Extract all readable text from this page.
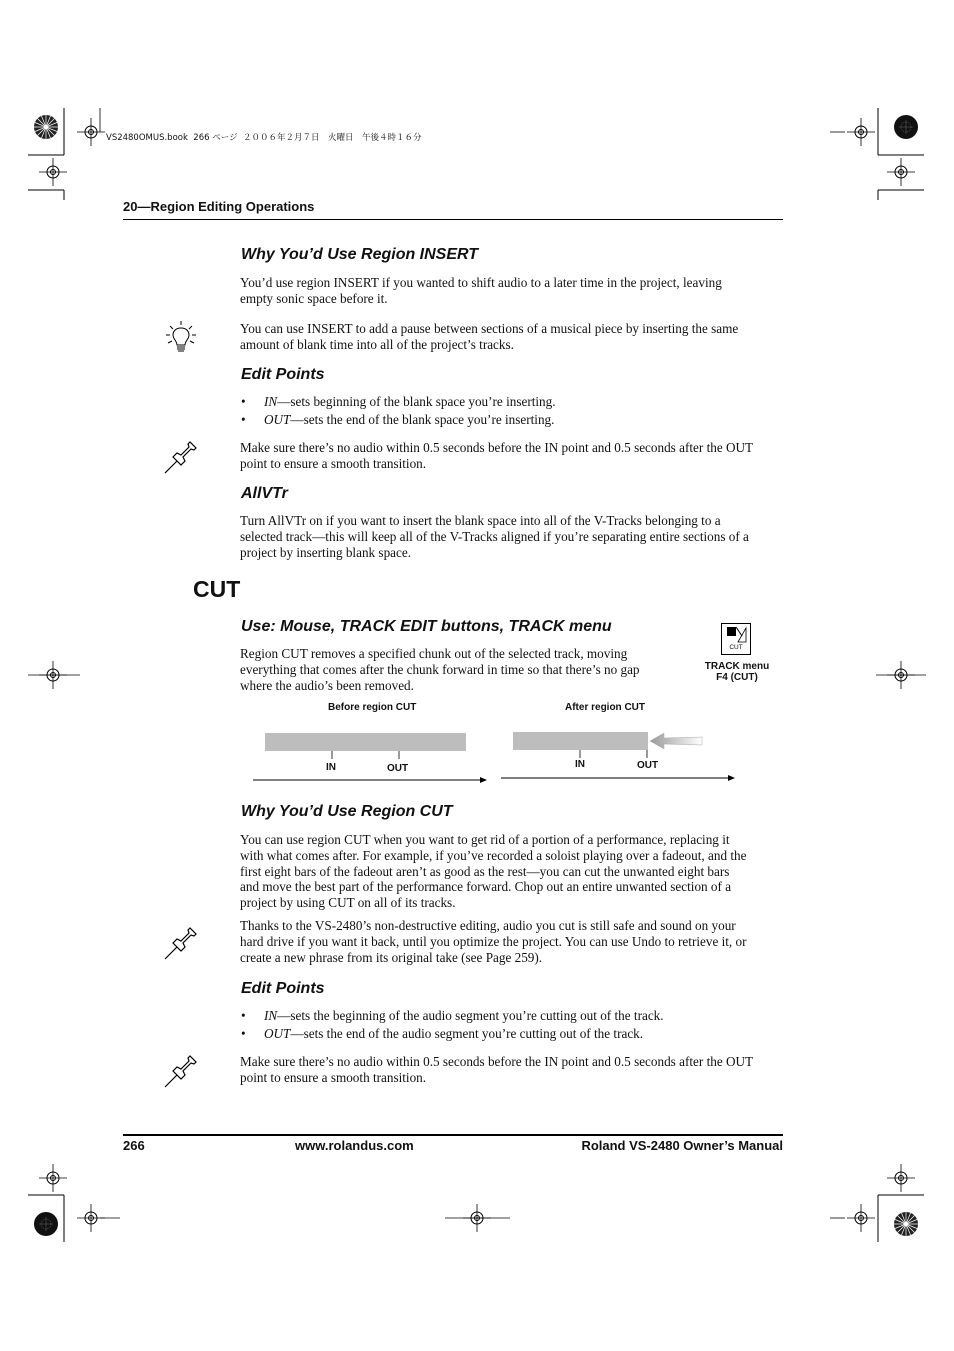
VS2480OMUS.book  266 ページ  ２００６年２月７日　火曜日　午後４時１６分
20—Region Editing Operations
Why You’d Use Region INSERT
You’d use region INSERT if you wanted to shift audio to a later time in the project, leaving empty sonic space before it.
You can use INSERT to add a pause between sections of a musical piece by inserting the same amount of blank time into all of the project’s tracks.
Edit Points
• IN—sets beginning of the blank space you’re inserting.
• OUT—sets the end of the blank space you’re inserting.
Make sure there’s no audio within 0.5 seconds before the IN point and 0.5 seconds after the OUT point to ensure a smooth transition.
AllVTr
Turn AllVTr on if you want to insert the blank space into all of the V-Tracks belonging to a selected track—this will keep all of the V-Tracks aligned if you’re separating entire sections of a project by inserting blank space.
CUT
Use: Mouse, TRACK EDIT buttons, TRACK menu
Region CUT removes a specified chunk out of the selected track, moving everything that comes after the chunk forward in time so that there’s no gap where the audio’s been removed.
CUT
TRACK menu
F4 (CUT)
Before region CUT	After region CUT
IN	OUT	IN	OUT
Why You’d Use Region CUT
You can use region CUT when you want to get rid of a portion of a performance, replacing it with what comes after. For example, if you’ve recorded a soloist playing over a fadeout, and the first eight bars of the fadeout aren’t as good as the rest—you can cut the unwanted eight bars and move the best part of the performance forward. Chop out an entire unwanted section of a project by using CUT on all of its tracks.
Thanks to the VS-2480’s non-destructive editing, audio you cut is still safe and sound on your hard drive if you want it back, until you optimize the project. You can use Undo to retrieve it, or create a new phrase from its original take (see Page 259).
Edit Points
• IN—sets the beginning of the audio segment you’re cutting out of the track.
• OUT—sets the end of the audio segment you’re cutting out of the track.
Make sure there’s no audio within 0.5 seconds before the IN point and 0.5 seconds after the OUT point to ensure a smooth transition.
266	www.rolandus.com	Roland VS-2480 Owner’s Manual
